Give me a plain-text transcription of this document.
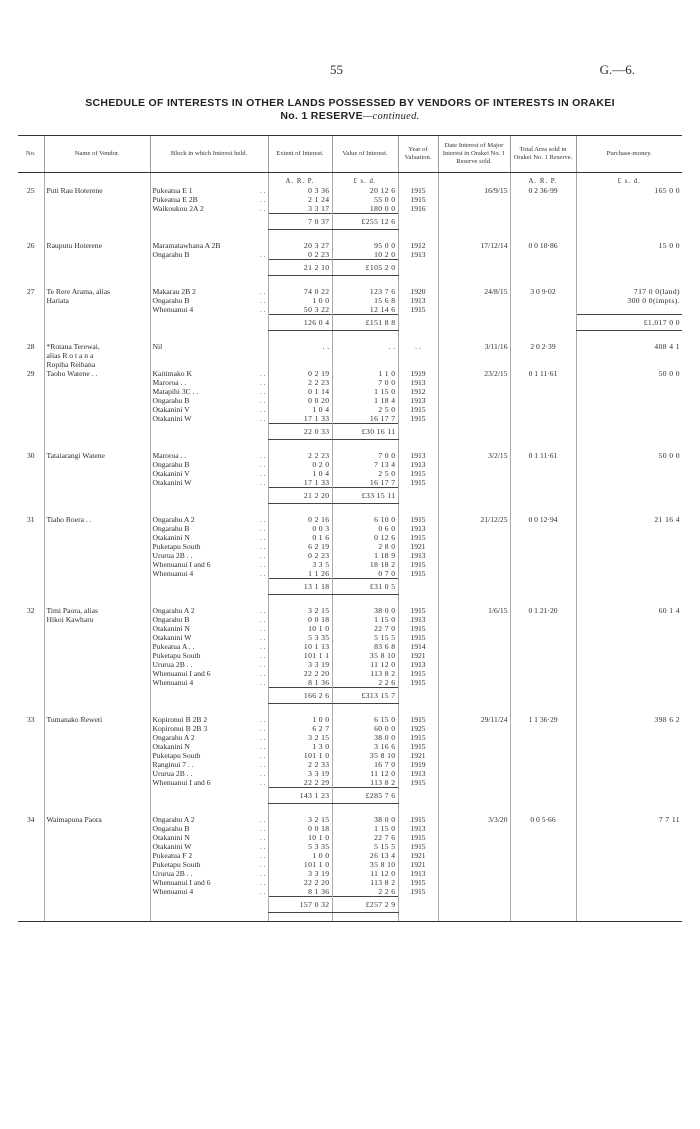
55	G.—6.
SCHEDULE OF INTERESTS IN OTHER LANDS POSSESSED BY VENDORS OF INTERESTS IN ORAKEI
No. 1 RESERVE—continued.
No.	Name of Vendor.	Block in which Interest held.	Extent of Interest.	Value of Interest.	Year of Valuation.	Date Interest of Major Interest in Orakei No. 1 Reserve sold.	Total Area sold in Orakei No. 1 Reserve.	Purchase-money.
			A. R. P.	£ s. d.			A. R. P.	£ s. d.
25	Puti Rau Hoterene	Pukeatua E 1 . .	0 3 36	20 12 6	1915	16/9/15	0 2 36·99	165 0 0
		Pukeatua E 2B . .	2 1 24	55 0 0	1915			
		Waikoukou 2A 2 . .	3 3 17	180 0 0	1916			
			7 0 37	£255 12 6				

26	Rauputu Hoterene	Maramatawhana A 2B	20 3 27	95 0 0	1912	17/12/14	0 0 10·86	15 0 0
		Ongarahu B . .	0 2 23	10 2 0	1913			
			21 2 10	£105 2 0				

27	Te Rere Arama, alias	Makarau 2B 2 . .	74 0 22	123 7 6	1920	24/8/15	3 0 9·02	717 0 0(land)
	Hariata	Ongarahu B . .	1 0 0	15 6 8	1913			300 0 0(impts).
		Whenuanui 4 . .	50 3 22	12 14 6	1915			
			126 0 4	£151 8 8				£1,017 0 0

28	*Rotana Terewai,	Nil	. .	. .	. .	3/11/16	2 0 2·39	408 4 1
	alias R o t a n a							
	Ropiha Reihana							
29	Taoho Watene . .	Kaitimako K . .	0 2 19	1 1 0	1919	23/2/15	0 1 11·61	50 0 0
		Maroroa . . . .	2 2 23	7 0 0	1913			
		Matapihi 3C . . . .	0 1 14	1 15 0	1912			
		Ongarahu B . .	0 0 20	1 18 4	1913			
		Otakanini V . .	1 0 4	2 5 0	1915			
		Otakanini W . .	17 1 33	16 17 7	1915			
			22 0 33	£30 16 11				

30	Tataiarangi Watene	Maroroa . . . .	2 2 23	7 0 0	1913	3/2/15	0 1 11·61	50 0 0
		Ongarahu B . .	0 2 0	7 13 4	1913			
		Otakanini V . .	1 0 4	2 5 0	1915			
		Otakanini W . .	17 1 33	16 17 7	1915			
			21 2 20	£33 15 11				

31	Tiaho Roera . .	Ongarahu A 2 . .	0 2 16	6 10 0	1915	21/12/25	0 0 12·94	21 16 4
		Ongarahu B . .	0 0 3	0 6 0	1913			
		Otakanini N . .	0 1 6	0 12 6	1915			
		Puketapu South . .	6 2 19	2 8 0	1921			
		Ururua 2B . . . .	0 2 23	1 18 9	1913			
		Whenuanui I and 6 . .	3 3 5	18 18 2	1915			
		Whenuanui 4 . .	1 1 26	0 7 0	1915			
			13 1 18	£31 0 5				

32	Timi Paora, alias	Ongarahu A 2 . .	3 2 15	38 0 0	1915	1/6/15	0 1 21·20	60 1 4
	Hikoi Kawharu	Ongarahu B . .	0 0 18	1 15 0	1913			
		Otakanini N . .	10 1 0	22 7 0	1915			
		Otakanini W . .	5 3 35	5 15 5	1915			
		Pukeatua A . . . .	10 1 13	83 6 8	1914			
		Puketapu South . .	101 1 1	35 8 10	1921			
		Ururua 2B . . . .	3 3 19	11 12 0	1913			
		Whenuanui I and 6 . .	22 2 20	113 8 2	1915			
		Whenuanui 4 . .	8 1 36	2 2 6	1915			
			166 2 6	£313 15 7				

33	Tumanako Reweti	Kopironui B 2B 2 . .	1 0 0	6 15 0	1915	29/11/24	1 1 36·29	398 6 2
		Kopironui B 2B 3 . .	6 2 7	60 0 0	1925			
		Ongarahu A 2 . .	3 2 15	38 0 0	1915			
		Otakanini N . .	1 3 0	3 16 6	1915			
		Puketapu South . .	101 1 0	35 8 10	1921			
		Ranginui 7 . . . .	2 2 33	16 7 0	1919			
		Ururua 2B . . . .	3 3 19	11 12 0	1913			
		Whenuanui I and 6 . .	22 2 29	113 8 2	1915			
			143 1 23	£285 7 6				

34	Waimapuna Paora	Ongarahu A 2 . .	3 2 15	38 0 0	1915	3/3/20	0 0 5·66	7 7 11
		Ongarahu B . .	0 0 18	1 15 0	1913			
		Otakanini N . .	10 1 0	22 7 6	1915			
		Otakanini W . .	5 3 35	5 15 5	1915			
		Pukeatua F 2 . .	1 0 0	26 13 4	1921			
		Puketapu South . .	101 1 0	35 8 10	1921			
		Ururua 2B . . . .	3 3 19	11 12 0	1913			
		Whenuanui I and 6 . .	22 2 20	113 8 2	1915			
		Whenuanui 4 . .	8 1 36	2 2 6	1915			
			157 0 32	£257 2 9				
